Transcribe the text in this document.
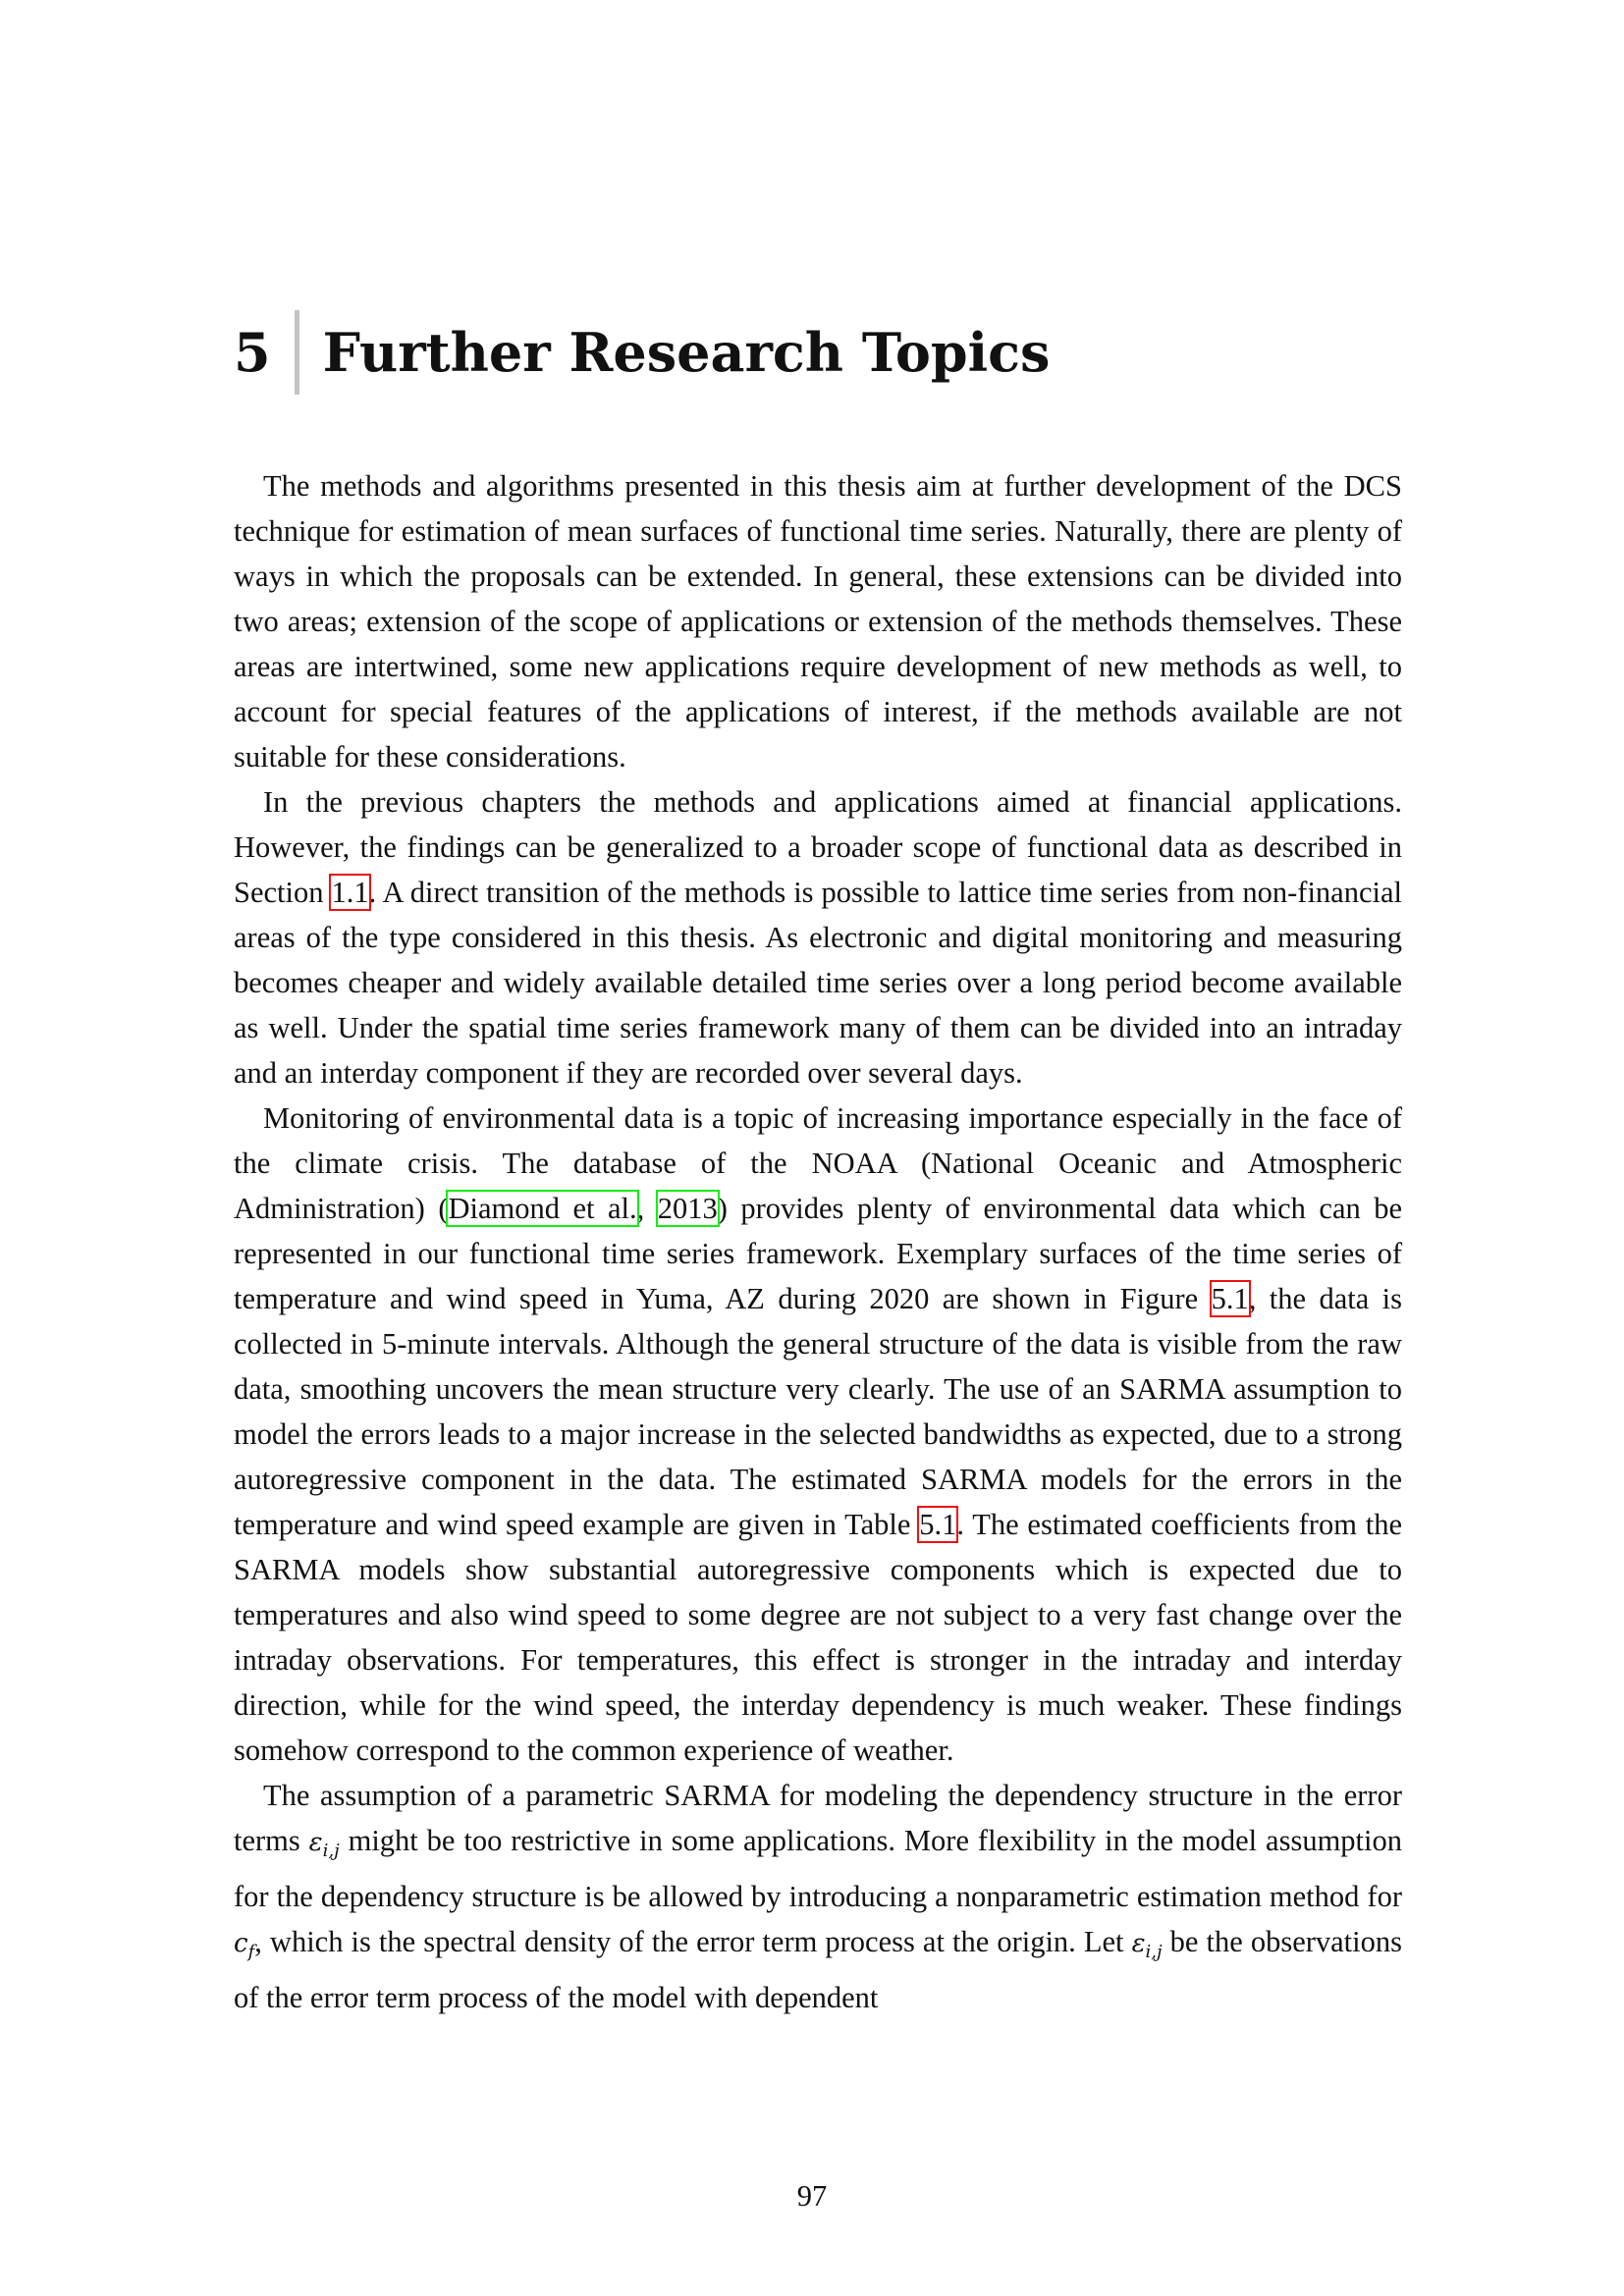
5 Further Research Topics

The methods and algorithms presented in this thesis aim at further development of the DCS technique for estimation of mean surfaces of functional time series. Naturally, there are plenty of ways in which the proposals can be extended. In general, these extensions can be divided into two areas; extension of the scope of applications or extension of the methods themselves. These areas are intertwined, some new applications require development of new methods as well, to account for special features of the applications of interest, if the methods available are not suitable for these considerations.

In the previous chapters the methods and applications aimed at financial applications. However, the findings can be generalized to a broader scope of functional data as described in Section 1.1. A direct transition of the methods is possible to lattice time series from non-financial areas of the type considered in this thesis. As electronic and digital monitoring and measuring becomes cheaper and widely available detailed time series over a long period become available as well. Under the spatial time series framework many of them can be divided into an intraday and an interday component if they are recorded over several days.

Monitoring of environmental data is a topic of increasing importance especially in the face of the climate crisis. The database of the NOAA (National Oceanic and Atmospheric Administration) (Diamond et al., 2013) provides plenty of environmental data which can be represented in our functional time series framework. Exemplary surfaces of the time series of temperature and wind speed in Yuma, AZ during 2020 are shown in Figure 5.1, the data is collected in 5-minute intervals. Although the general structure of the data is visible from the raw data, smoothing uncovers the mean structure very clearly. The use of an SARMA assumption to model the errors leads to a major increase in the selected bandwidths as expected, due to a strong autoregressive component in the data. The estimated SARMA models for the errors in the temperature and wind speed example are given in Table 5.1. The estimated coefficients from the SARMA models show substantial autoregressive components which is expected due to temperatures and also wind speed to some degree are not subject to a very fast change over the intraday observations. For temperatures, this effect is stronger in the intraday and interday direction, while for the wind speed, the interday dependency is much weaker. These findings somehow correspond to the common experience of weather.

The assumption of a parametric SARMA for modeling the dependency structure in the error terms $\varepsilon_{i,j}$ might be too restrictive in some applications. More flexibility in the model assumption for the dependency structure is be allowed by introducing a nonparametric estimation method for $c_f$, which is the spectral density of the error term process at the origin. Let $\varepsilon_{i,j}$ be the observations of the error term process of the model with dependent

97
